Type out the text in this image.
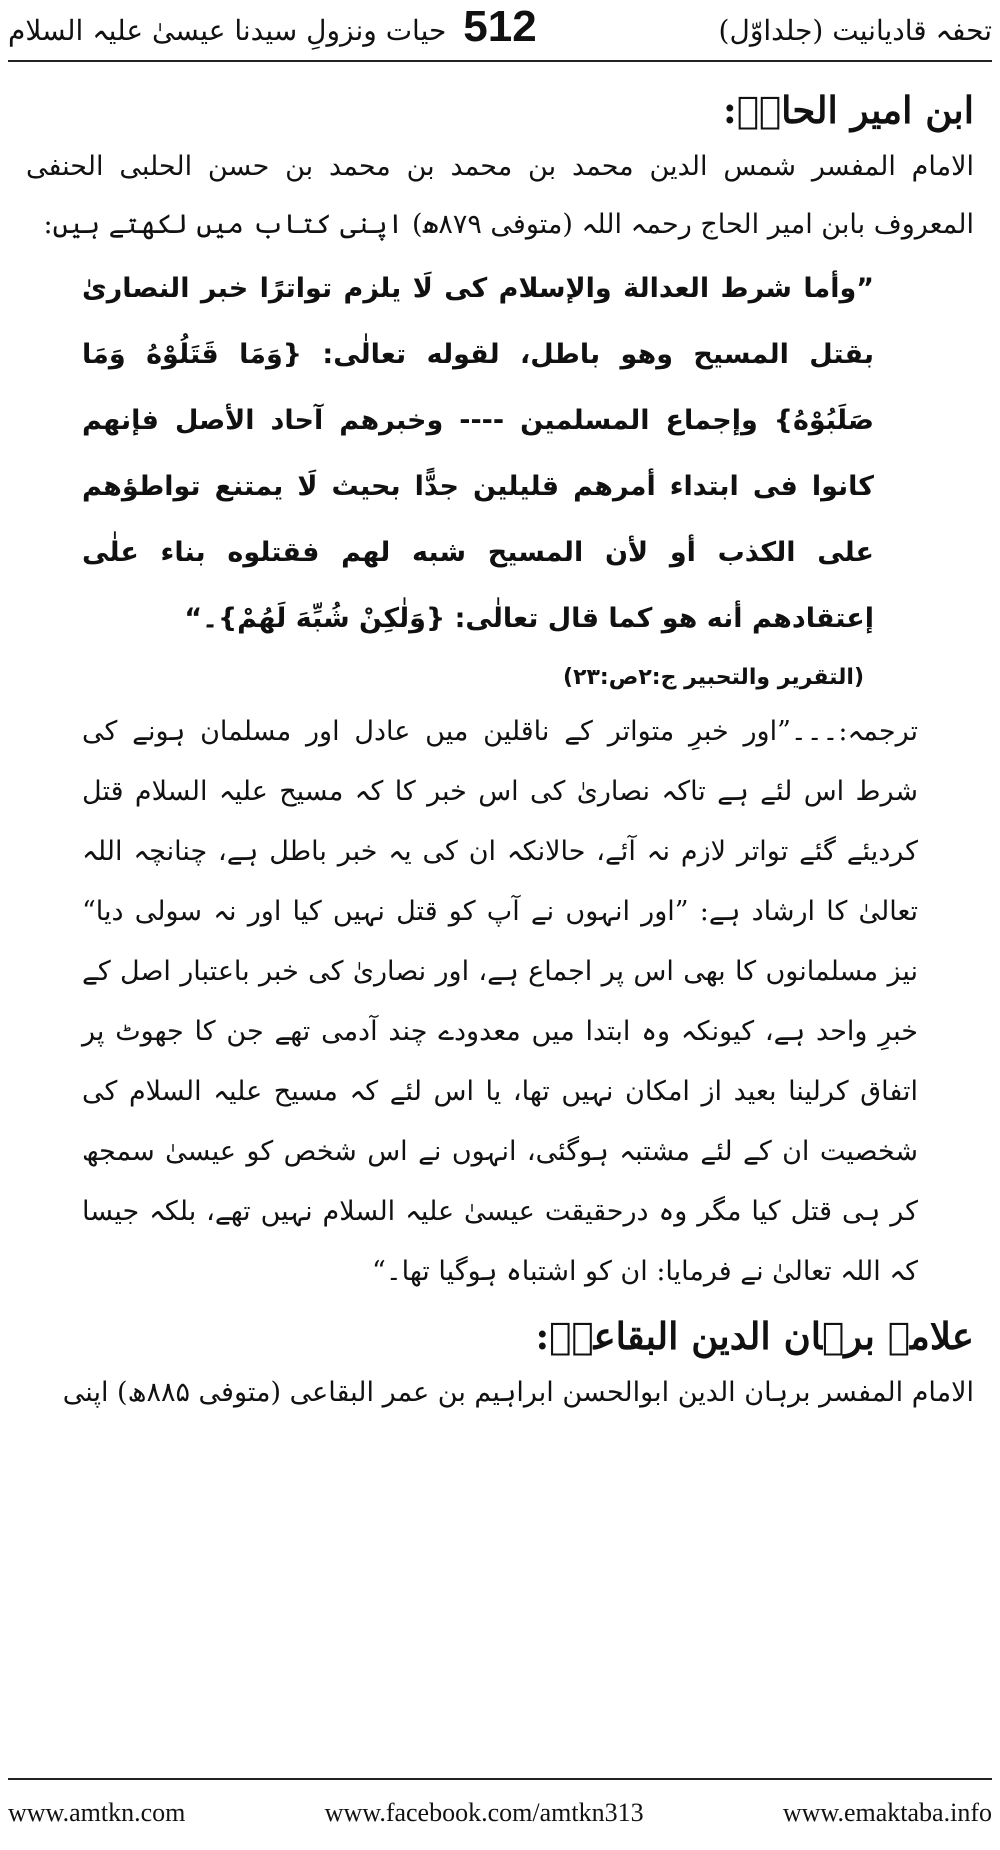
تحفہ قادیانیت (جلداوّل)
512
حیات ونزولِ سیدنا عیسیٰ علیہ السلام
ابن امیر الحاجؒ:

الامام المفسر شمس الدین محمد بن محمد بن محمد بن حسن الحلبی الحنفی المعروف بابن امیر الحاج رحمہ اللہ (متوفی ۸۷۹ھ) اپنی کتاب میں لکھتے ہیں:

”وأما شرط العدالة والإسلام کی لَا یلزم تواترًا خبر النصاریٰ بقتل المسیح وھو باطل، لقوله تعالٰی: {وَمَا قَتَلُوْهُ وَمَا صَلَبُوْهُ} وإجماع المسلمین ---- وخبرھم آحاد الأصل فإنھم کانوا فی ابتداء أمرھم قلیلین جدًّا بحیث لَا یمتنع تواطؤھم علی الکذب أو لأن المسیح شبه لھم فقتلوه بناء علٰی إعتقادھم أنه ھو کما قال تعالٰی: {وَلٰکِنْ شُبِّهَ لَهُمْ}۔“

(التقریر والتحبیر ج:۲ص:۲۳)

ترجمہ:۔۔۔”اور خبرِ متواتر کے ناقلین میں عادل اور مسلمان ہونے کی شرط اس لئے ہے تاکہ نصاریٰ کی اس خبر کا کہ مسیح علیہ السلام قتل کردیئے گئے تواتر لازم نہ آئے، حالانکہ ان کی یہ خبر باطل ہے، چنانچہ اللہ تعالیٰ کا ارشاد ہے: ”اور انہوں نے آپ کو قتل نہیں کیا اور نہ سولی دیا“ نیز مسلمانوں کا بھی اس پر اجماع ہے، اور نصاریٰ کی خبر باعتبار اصل کے خبرِ واحد ہے، کیونکہ وہ ابتدا میں معدودے چند آدمی تھے جن کا جھوٹ پر اتفاق کرلینا بعید از امکان نہیں تھا، یا اس لئے کہ مسیح علیہ السلام کی شخصیت ان کے لئے مشتبہ ہوگئی، انہوں نے اس شخص کو عیسیٰ سمجھ کر ہی قتل کیا مگر وہ درحقیقت عیسیٰ علیہ السلام نہیں تھے، بلکہ جیسا کہ اللہ تعالیٰ نے فرمایا: ان کو اشتباہ ہوگیا تھا۔“

علامہ برہان الدین البقاعیؒ:

الامام المفسر برہان الدین ابوالحسن ابراہیم بن عمر البقاعی (متوفی ۸۸۵ھ) اپنی

www.amtkn.com	www.facebook.com/amtkn313	www.emaktaba.info
